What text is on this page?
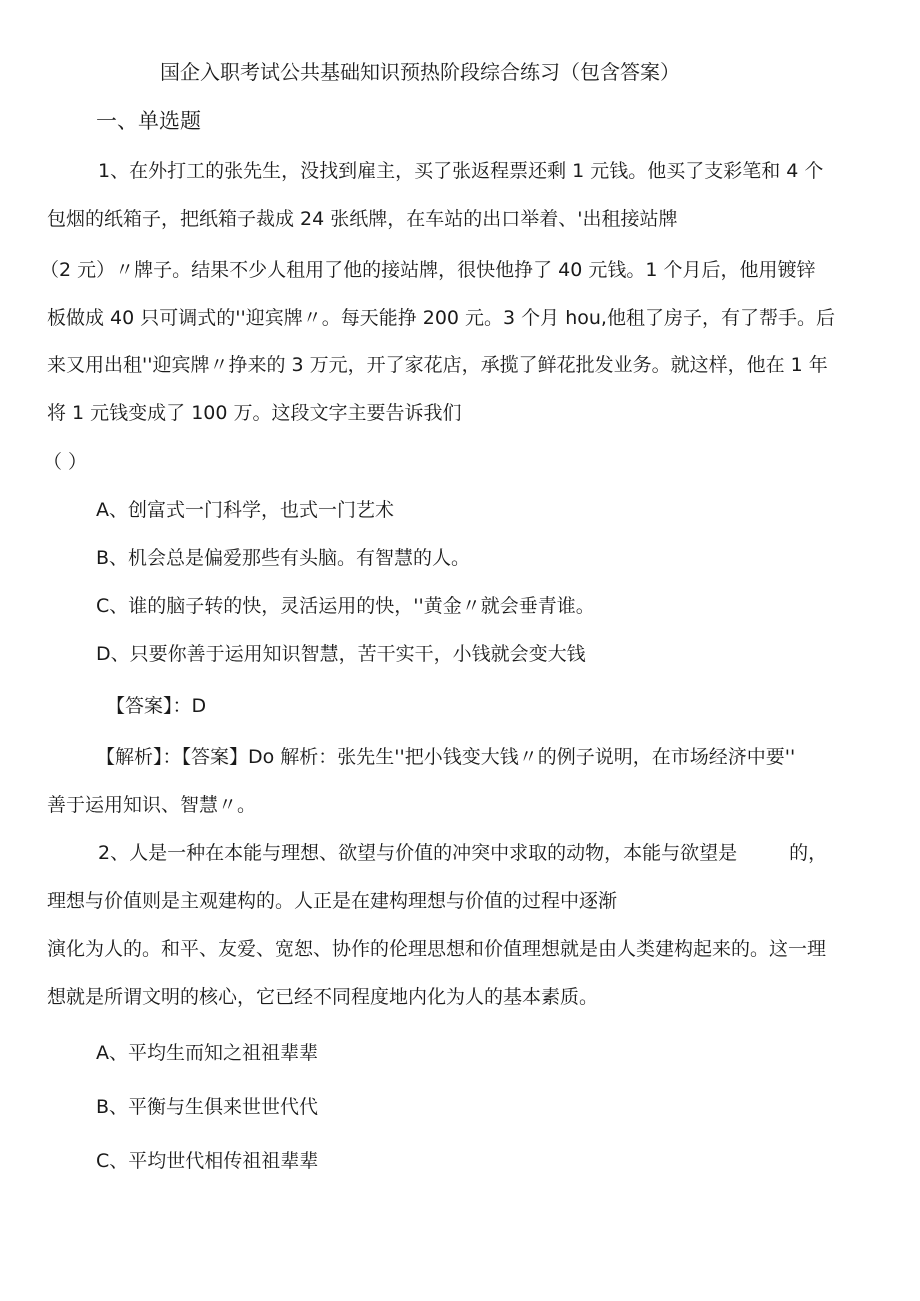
国企入职考试公共基础知识预热阶段综合练习（包含答案）
一、单选题
1、在外打工的张先生，没找到雇主，买了张返程票还剩 1 元钱。他买了支彩笔和 4 个
包烟的纸箱子，把纸箱子裁成 24 张纸牌，在车站的出口举着、'出租接站牌
（2 元）〃牌子。结果不少人租用了他的接站牌，很快他挣了 40 元钱。1 个月后，他用镀锌
板做成 40 只可调式的''迎宾牌〃。每天能挣 200 元。3 个月 hou,他租了房子，有了帮手。后
来又用出租''迎宾牌〃挣来的 3 万元，开了家花店，承揽了鲜花批发业务。就这样，他在 1 年
将 1 元钱变成了 100 万。这段文字主要告诉我们
（ ）
A、创富式一门科学，也式一门艺术
B、机会总是偏爱那些有头脑。有智慧的人。
C、谁的脑子转的快，灵活运用的快，''黄金〃就会垂青谁。
D、只要你善于运用知识智慧，苦干实干，小钱就会变大钱
【答案】：D
【解析】：【答案】Do 解析：张先生''把小钱变大钱〃的例子说明，在市场经济中要''
善于运用知识、智慧〃。
2、人是一种在本能与理想、欲望与价值的冲突中求取的动物，本能与欲望是	的，
理想与价值则是主观建构的。人正是在建构理想与价值的过程中逐渐
演化为人的。和平、友爱、宽恕、协作的伦理思想和价值理想就是由人类建构起来的。这一理
想就是所谓文明的核心，它已经不同程度地内化为人的基本素质。
A、平均生而知之祖祖辈辈
B、平衡与生俱来世世代代
C、平均世代相传祖祖辈辈
